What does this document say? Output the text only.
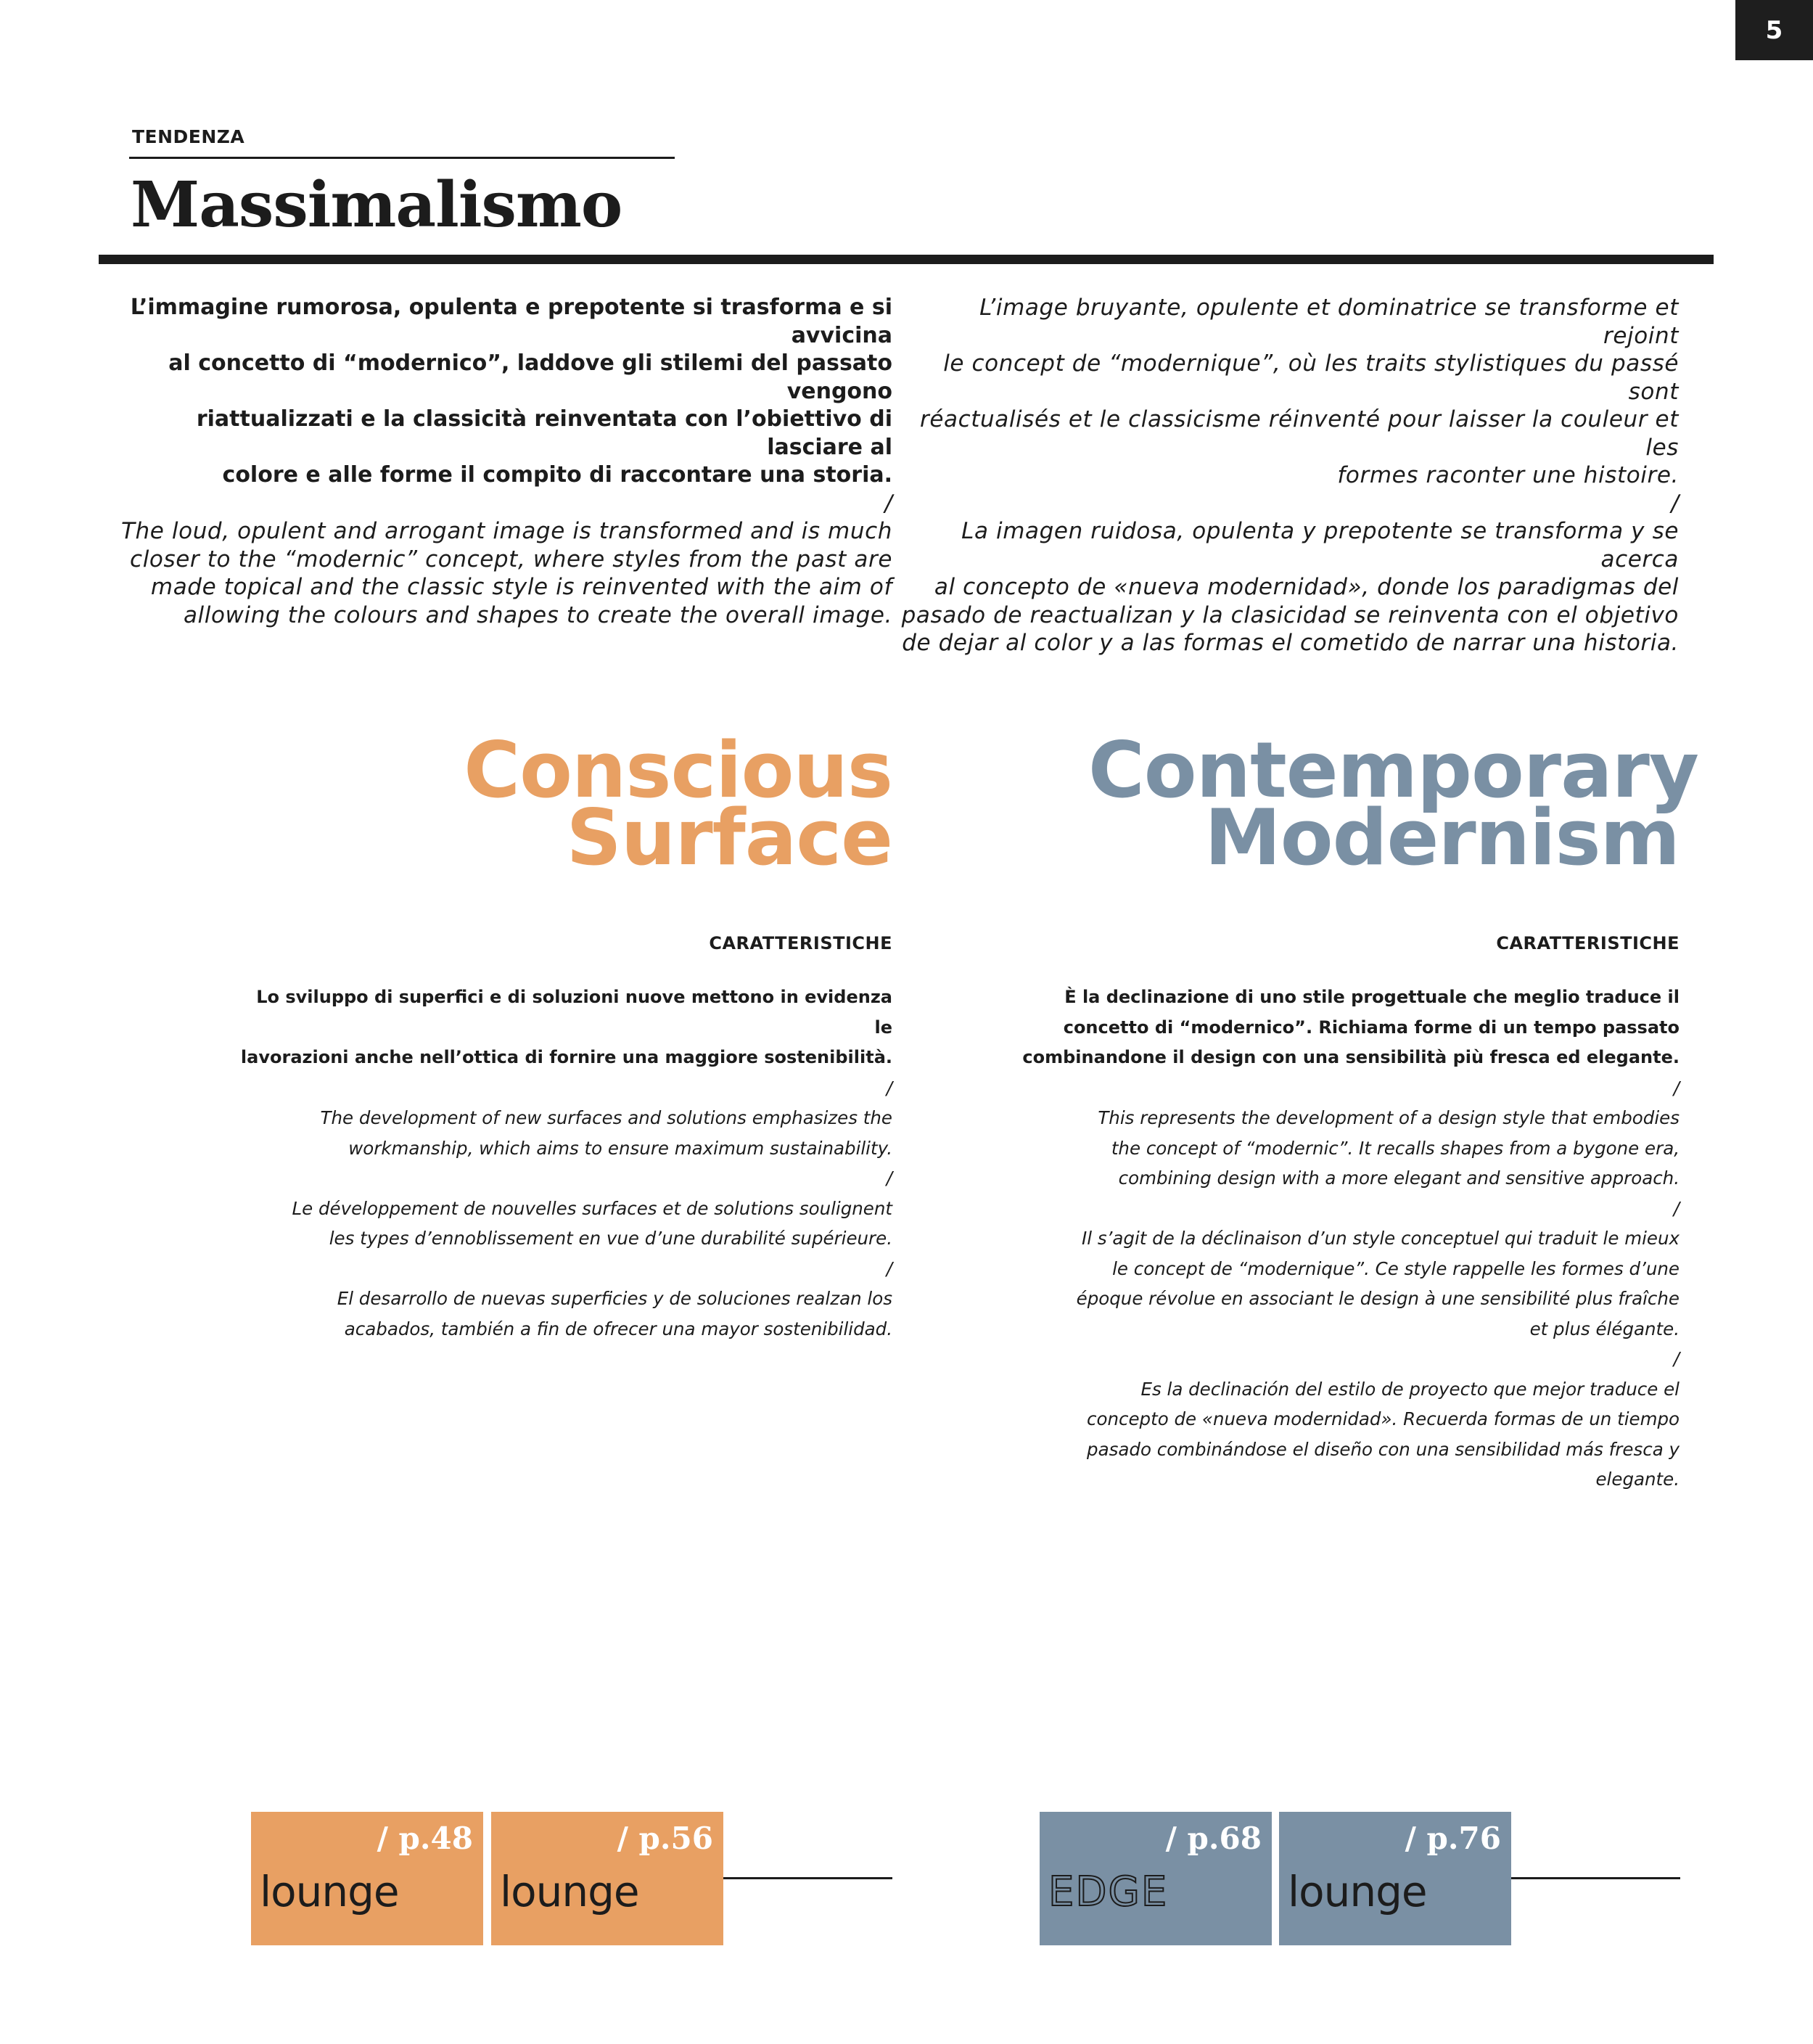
5
TENDENZA
Massimalismo

L’immagine rumorosa, opulenta e prepotente si trasforma e si avvicina
al concetto di “modernico”, laddove gli stilemi del passato vengono
riattualizzati e la classicità reinventata con l’obiettivo di lasciare al
colore e alle forme il compito di raccontare una storia.

/

The loud, opulent and arrogant image is transformed and is much
closer to the “modernic” concept, where styles from the past are
made topical and the classic style is reinvented with the aim of
allowing the colours and shapes to create the overall image.

L’image bruyante, opulente et dominatrice se transforme et rejoint
le concept de “modernique”, où les traits stylistiques du passé sont
réactualisés et le classicisme réinventé pour laisser la couleur et les
formes raconter une histoire.

/

La imagen ruidosa, opulenta y prepotente se transforma y se acerca
al concepto de «nueva modernidad», donde los paradigmas del
pasado de reactualizan y la clasicidad se reinventa con el objetivo
de dejar al color y a las formas el cometido de narrar una historia.

Conscious
Surface
CARATTERISTICHE

Lo sviluppo di superfici e di soluzioni nuove mettono in evidenza le
lavorazioni anche nell’ottica di fornire una maggiore sostenibilità.

/

The development of new surfaces and solutions emphasizes the
workmanship, which aims to ensure maximum sustainability.

/

Le développement de nouvelles surfaces et de solutions soulignent
les types d’ennoblissement en vue d’une durabilité supérieure.

/

El desarrollo de nuevas superficies y de soluciones realzan los
acabados, también a fin de ofrecer una mayor sostenibilidad.

Contemporary
Modernism
CARATTERISTICHE

È la declinazione di uno stile progettuale che meglio traduce il
concetto di “modernico”. Richiama forme di un tempo passato
combinandone il design con una sensibilità più fresca ed elegante.

/

This represents the development of a design style that embodies
the concept of “modernic”. It recalls shapes from a bygone era,
combining design with a more elegant and sensitive approach.

/

Il s’agit de la déclinaison d’un style conceptuel qui traduit le mieux
le concept de “modernique”. Ce style rappelle les formes d’une
époque révolue en associant le design à une sensibilité plus fraîche
et plus élégante.

/

Es la declinación del estilo de proyecto que mejor traduce el
concepto de «nueva modernidad». Recuerda formas de un tiempo
pasado combinándose el diseño con una sensibilidad más fresca y
elegante.

/ p.48
lounge
/ p.56
lounge
/ p.68
EDGE
/ p.76
lounge
